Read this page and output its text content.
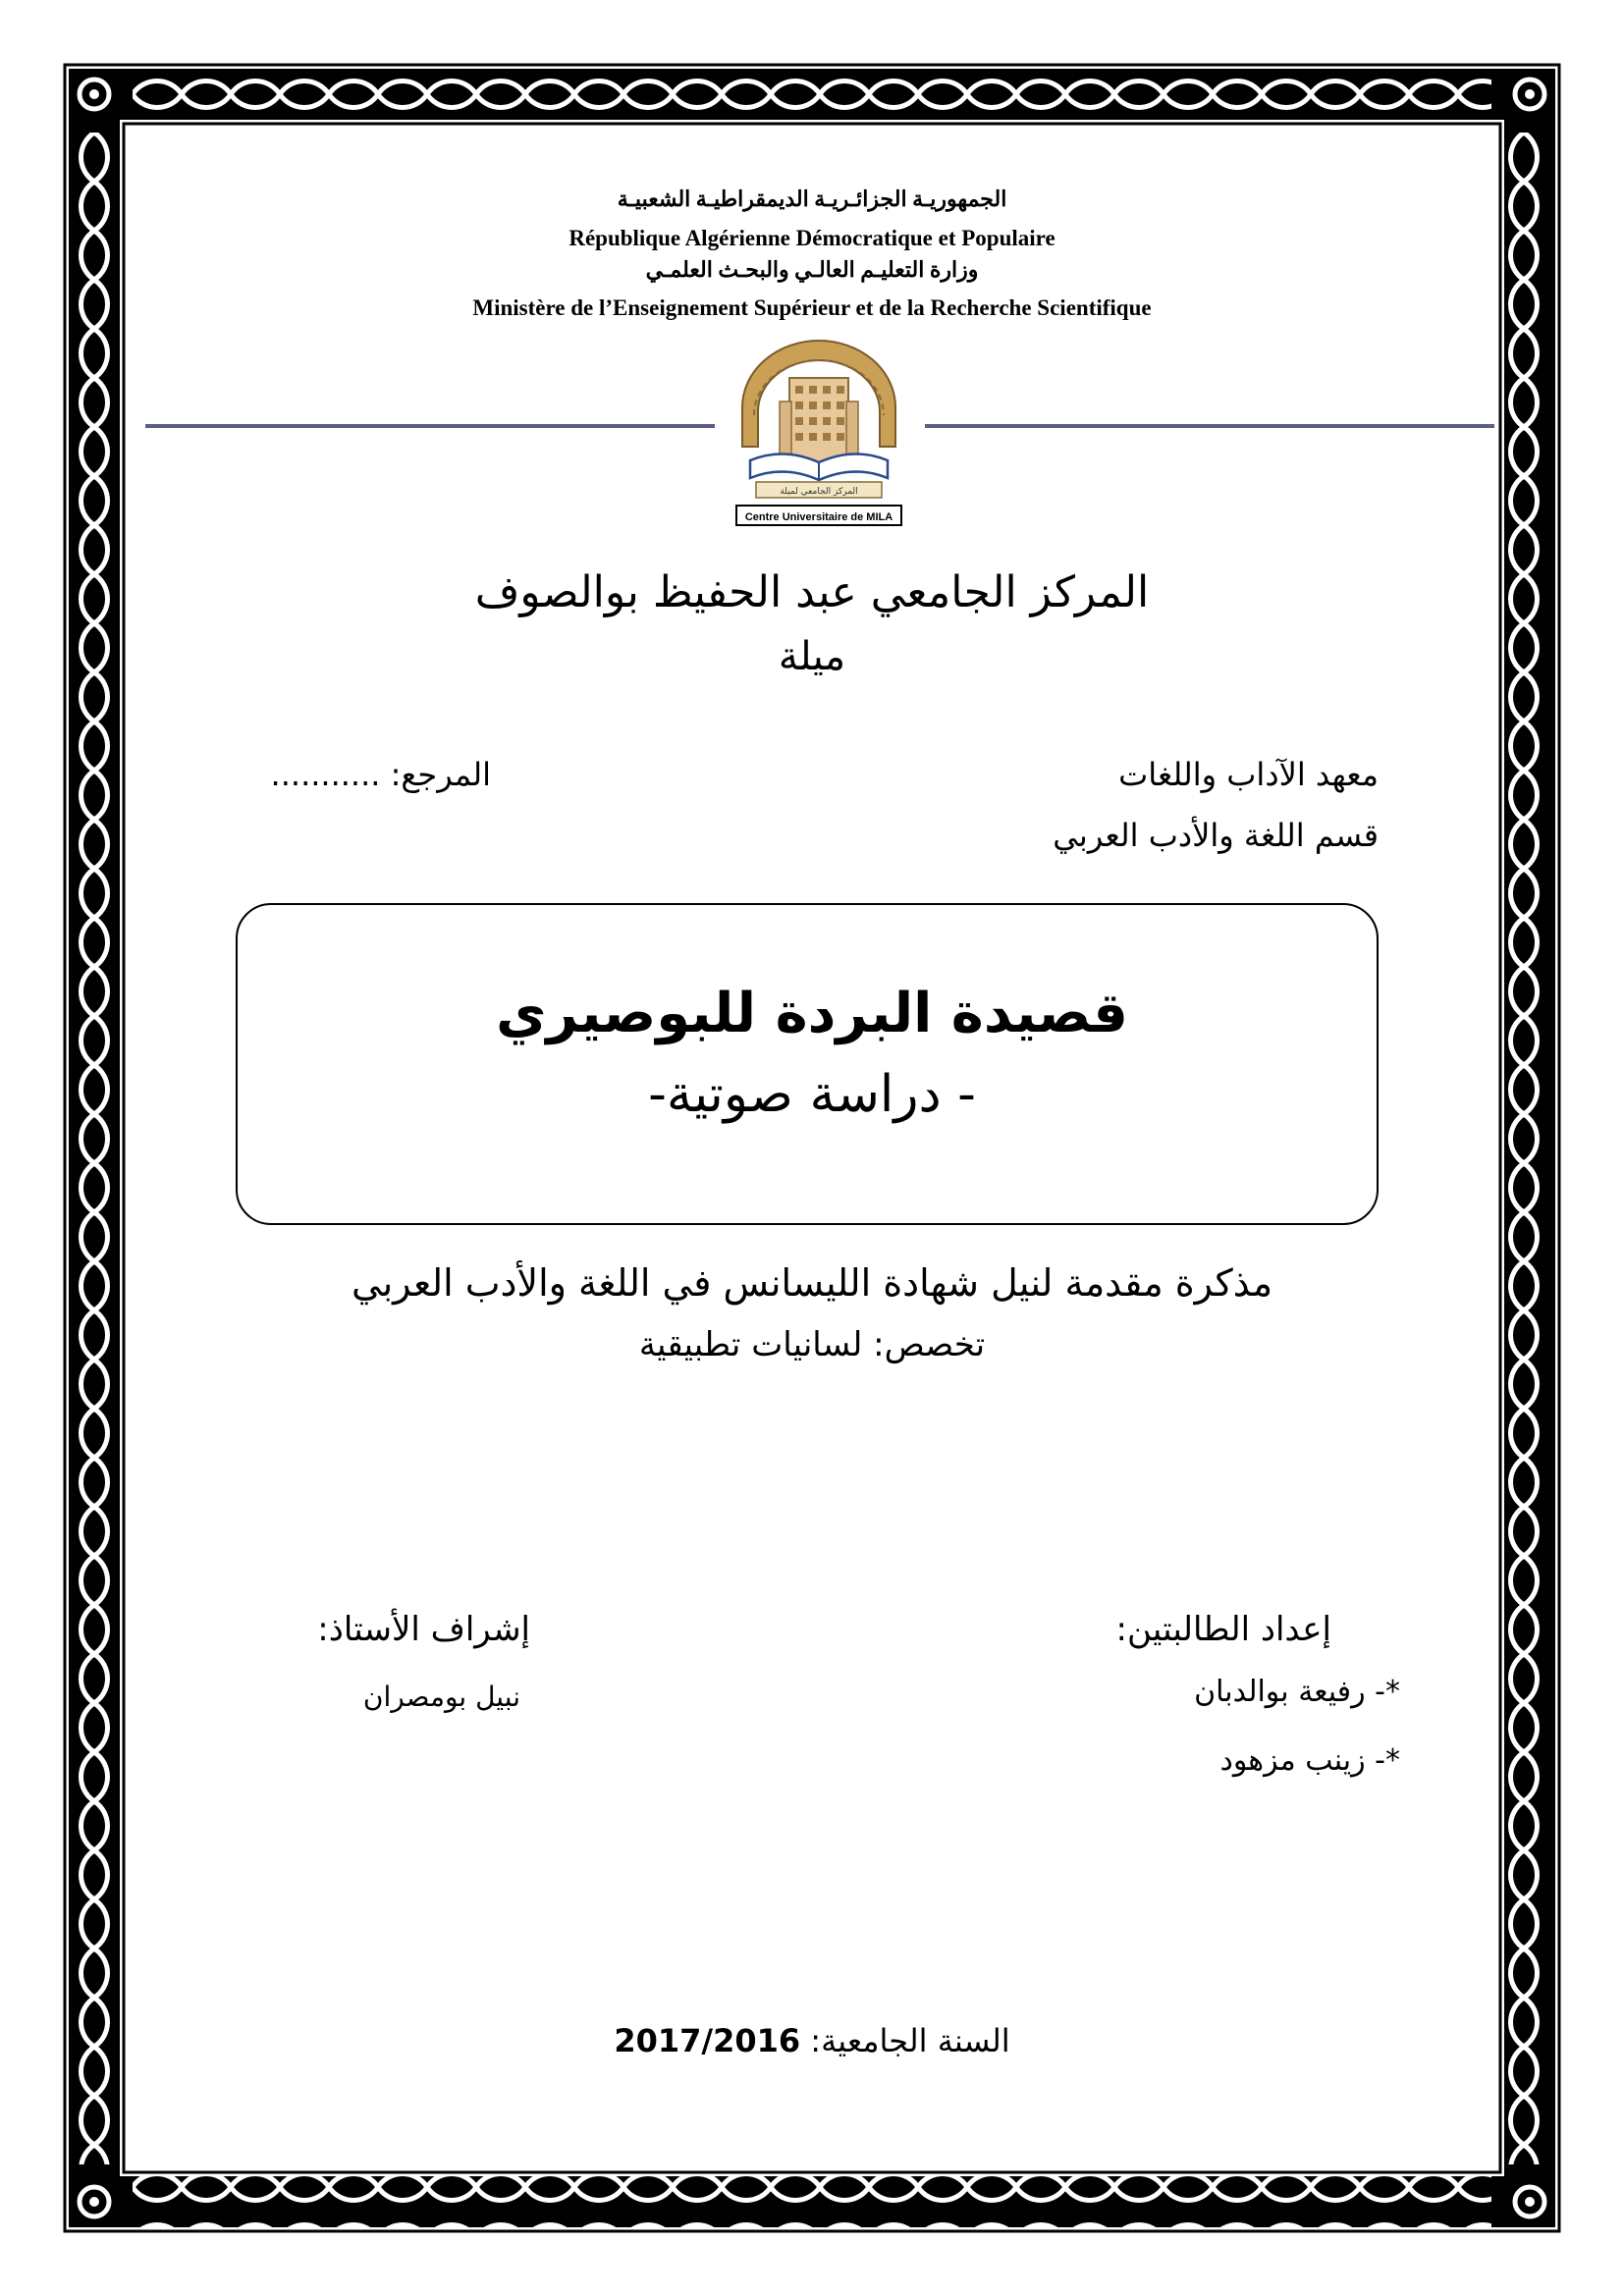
الجمهوريـة الجزائـريـة الديمقراطيـة الشعبيـة
République Algérienne Démocratique et Populaire
وزارة التعليـم العالـي والبحـث العلمـي
Ministère de l’Enseignement Supérieur et de la Recherche Scientifique
المركز الجامعي لميلة
Centre Universitaire de MILA
المركز الجامعي عبد الحفيظ بوالصوف
ميلة
معهد الآداب واللغات
قسم اللغة والأدب العربي
المرجع: ...........
قصيدة البردة للبوصيري
- دراسة صوتية-
مذكرة مقدمة لنيل شهادة الليسانس في اللغة والأدب العربي
تخصص: لسانيات تطبيقية
إعداد الطالبتين:
إشراف الأستاذ:
*- رفيعة بوالدبان
*- زينب مزهود
نبيل بومصران
السنة الجامعية: 2017/2016
